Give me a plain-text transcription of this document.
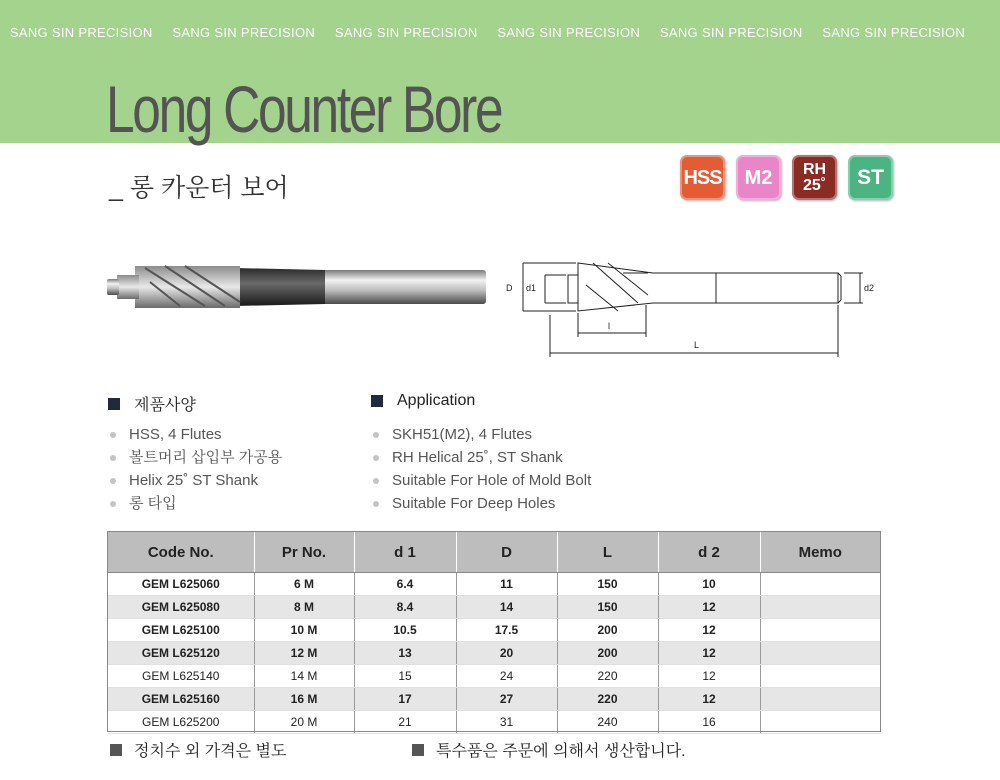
SANG SIN PRECISION	SANG SIN PRECISION	SANG SIN PRECISION	SANG SIN PRECISION	SANG SIN PRECISION	SANG SIN PRECISION
Long Counter Bore
_ 롱 카운터 보어	HSS M2 RH
25˚ ST
D d1	d2
l
L
제품사양
HSS, 4 Flutes
볼트머리 삽입부 가공용
Helix 25˚ ST Shank
롱 타입
Application
SKH51(M2), 4 Flutes
RH Helical 25˚, ST Shank
Suitable For Hole of Mold Bolt
Suitable For Deep Holes
Code No.	Pr No.	d 1	D	L	d 2	Memo
GEM L625060	6 M	6.4	11	150	10	
GEM L625080	8 M	8.4	14	150	12	
GEM L625100	10 M	10.5	17.5	200	12	
GEM L625120	12 M	13	20	200	12	
GEM L625140	14 M	15	24	220	12	
GEM L625160	16 M	17	27	220	12	
GEM L625200	20 M	21	31	240	16	
정치수 외 가격은 별도	특수품은 주문에 의해서 생산합니다.
